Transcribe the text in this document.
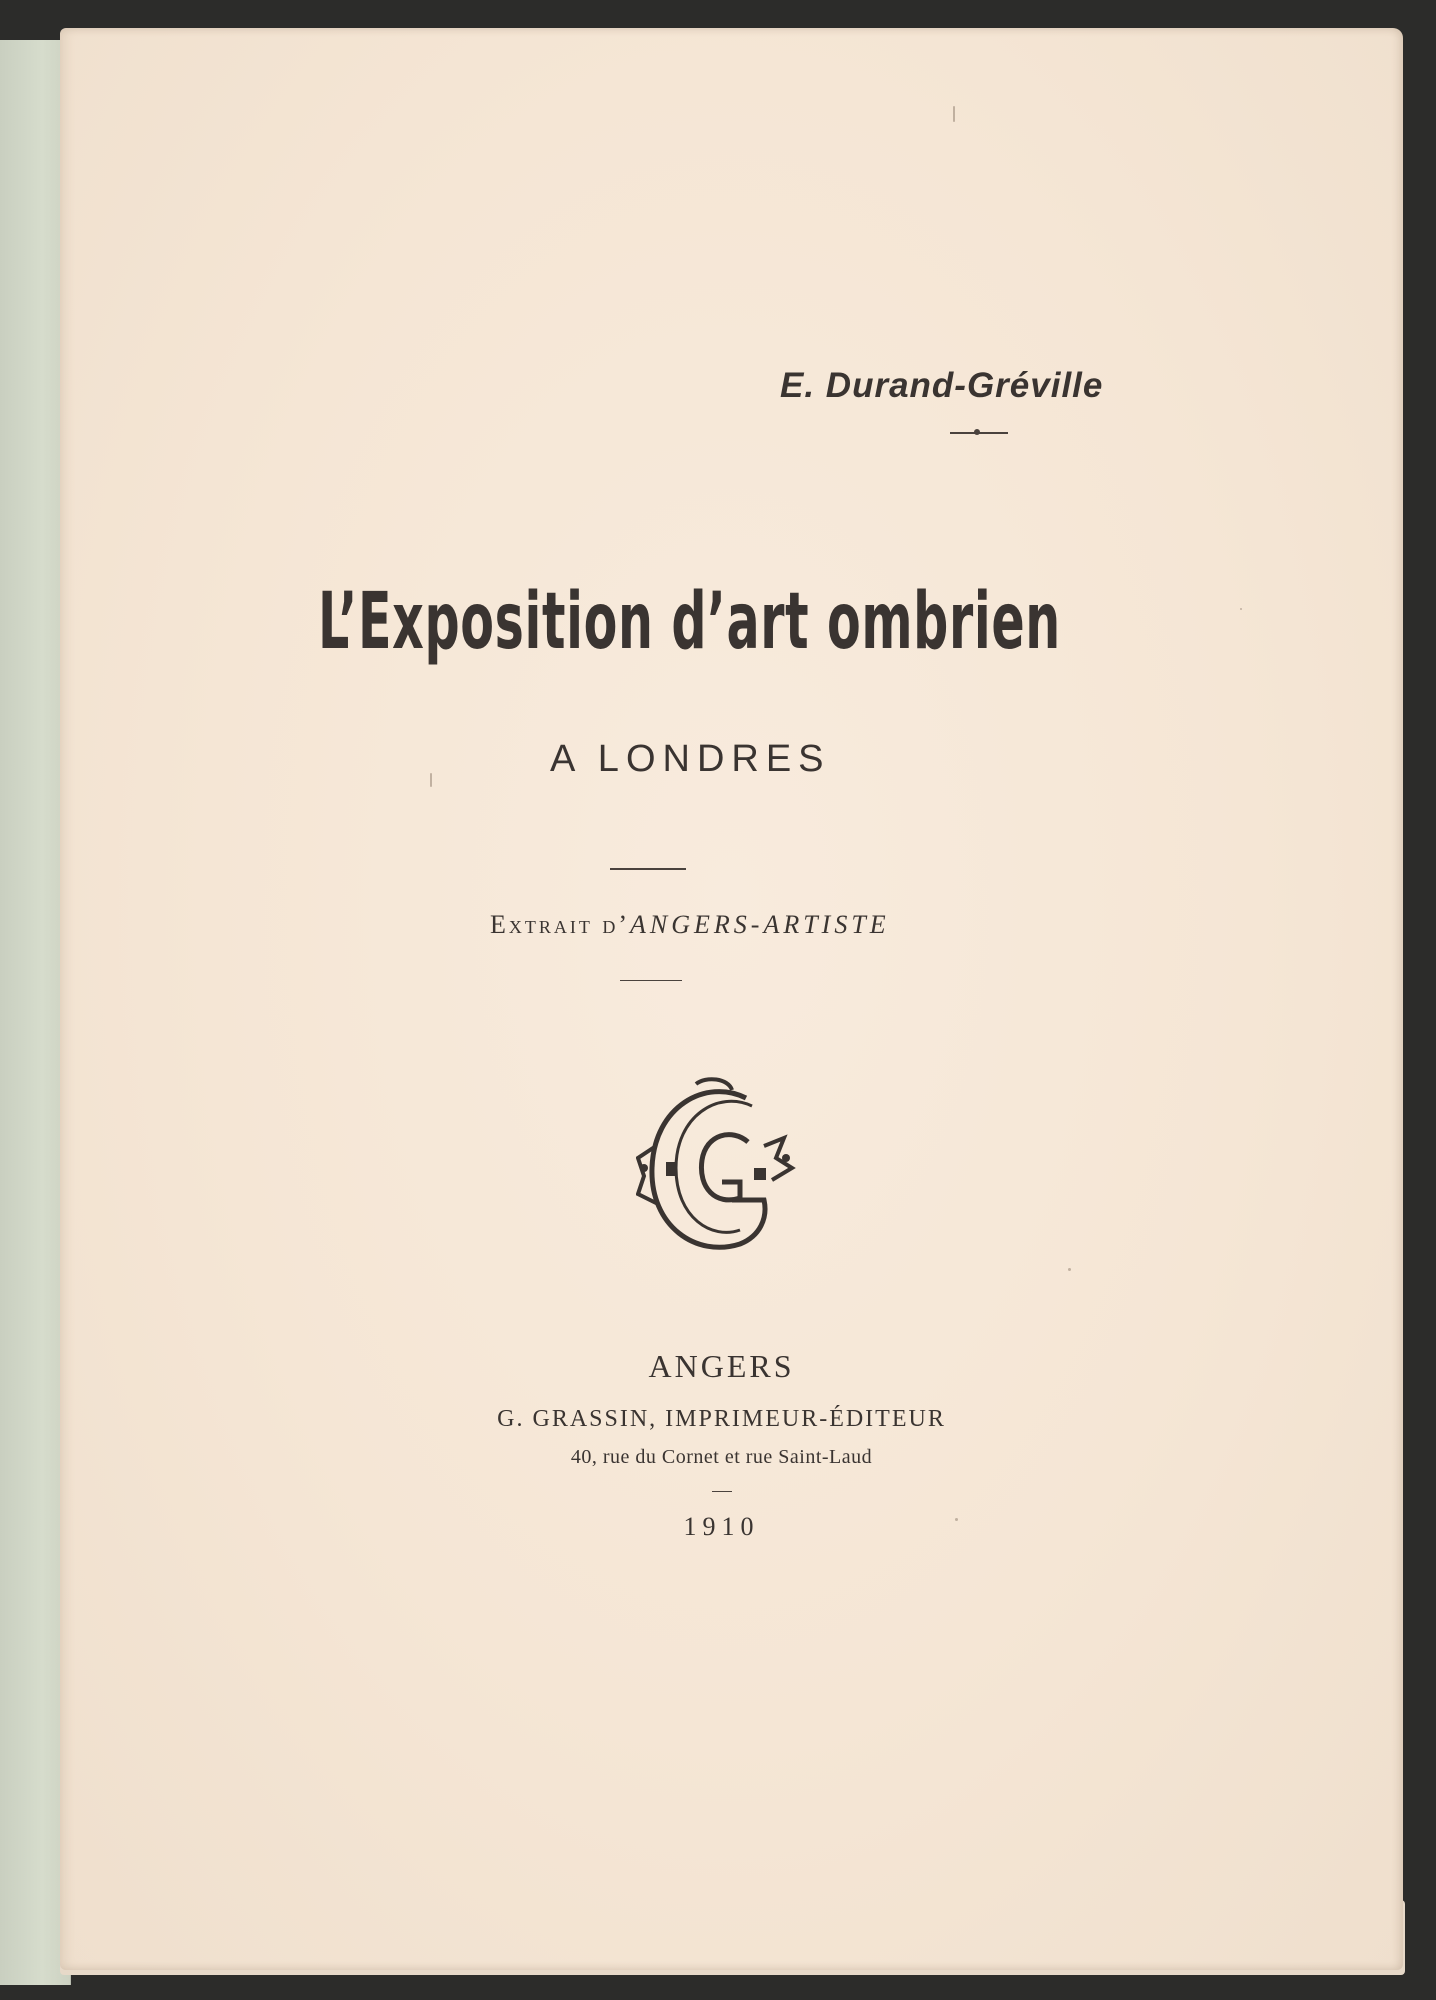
E. Durand-Gréville
L’Exposition d’art ombrien
A LONDRES
Extrait d’ANGERS-ARTISTE
ANGERS
G. GRASSIN, IMPRIMEUR-ÉDITEUR
40, rue du Cornet et rue Saint-Laud
1910
